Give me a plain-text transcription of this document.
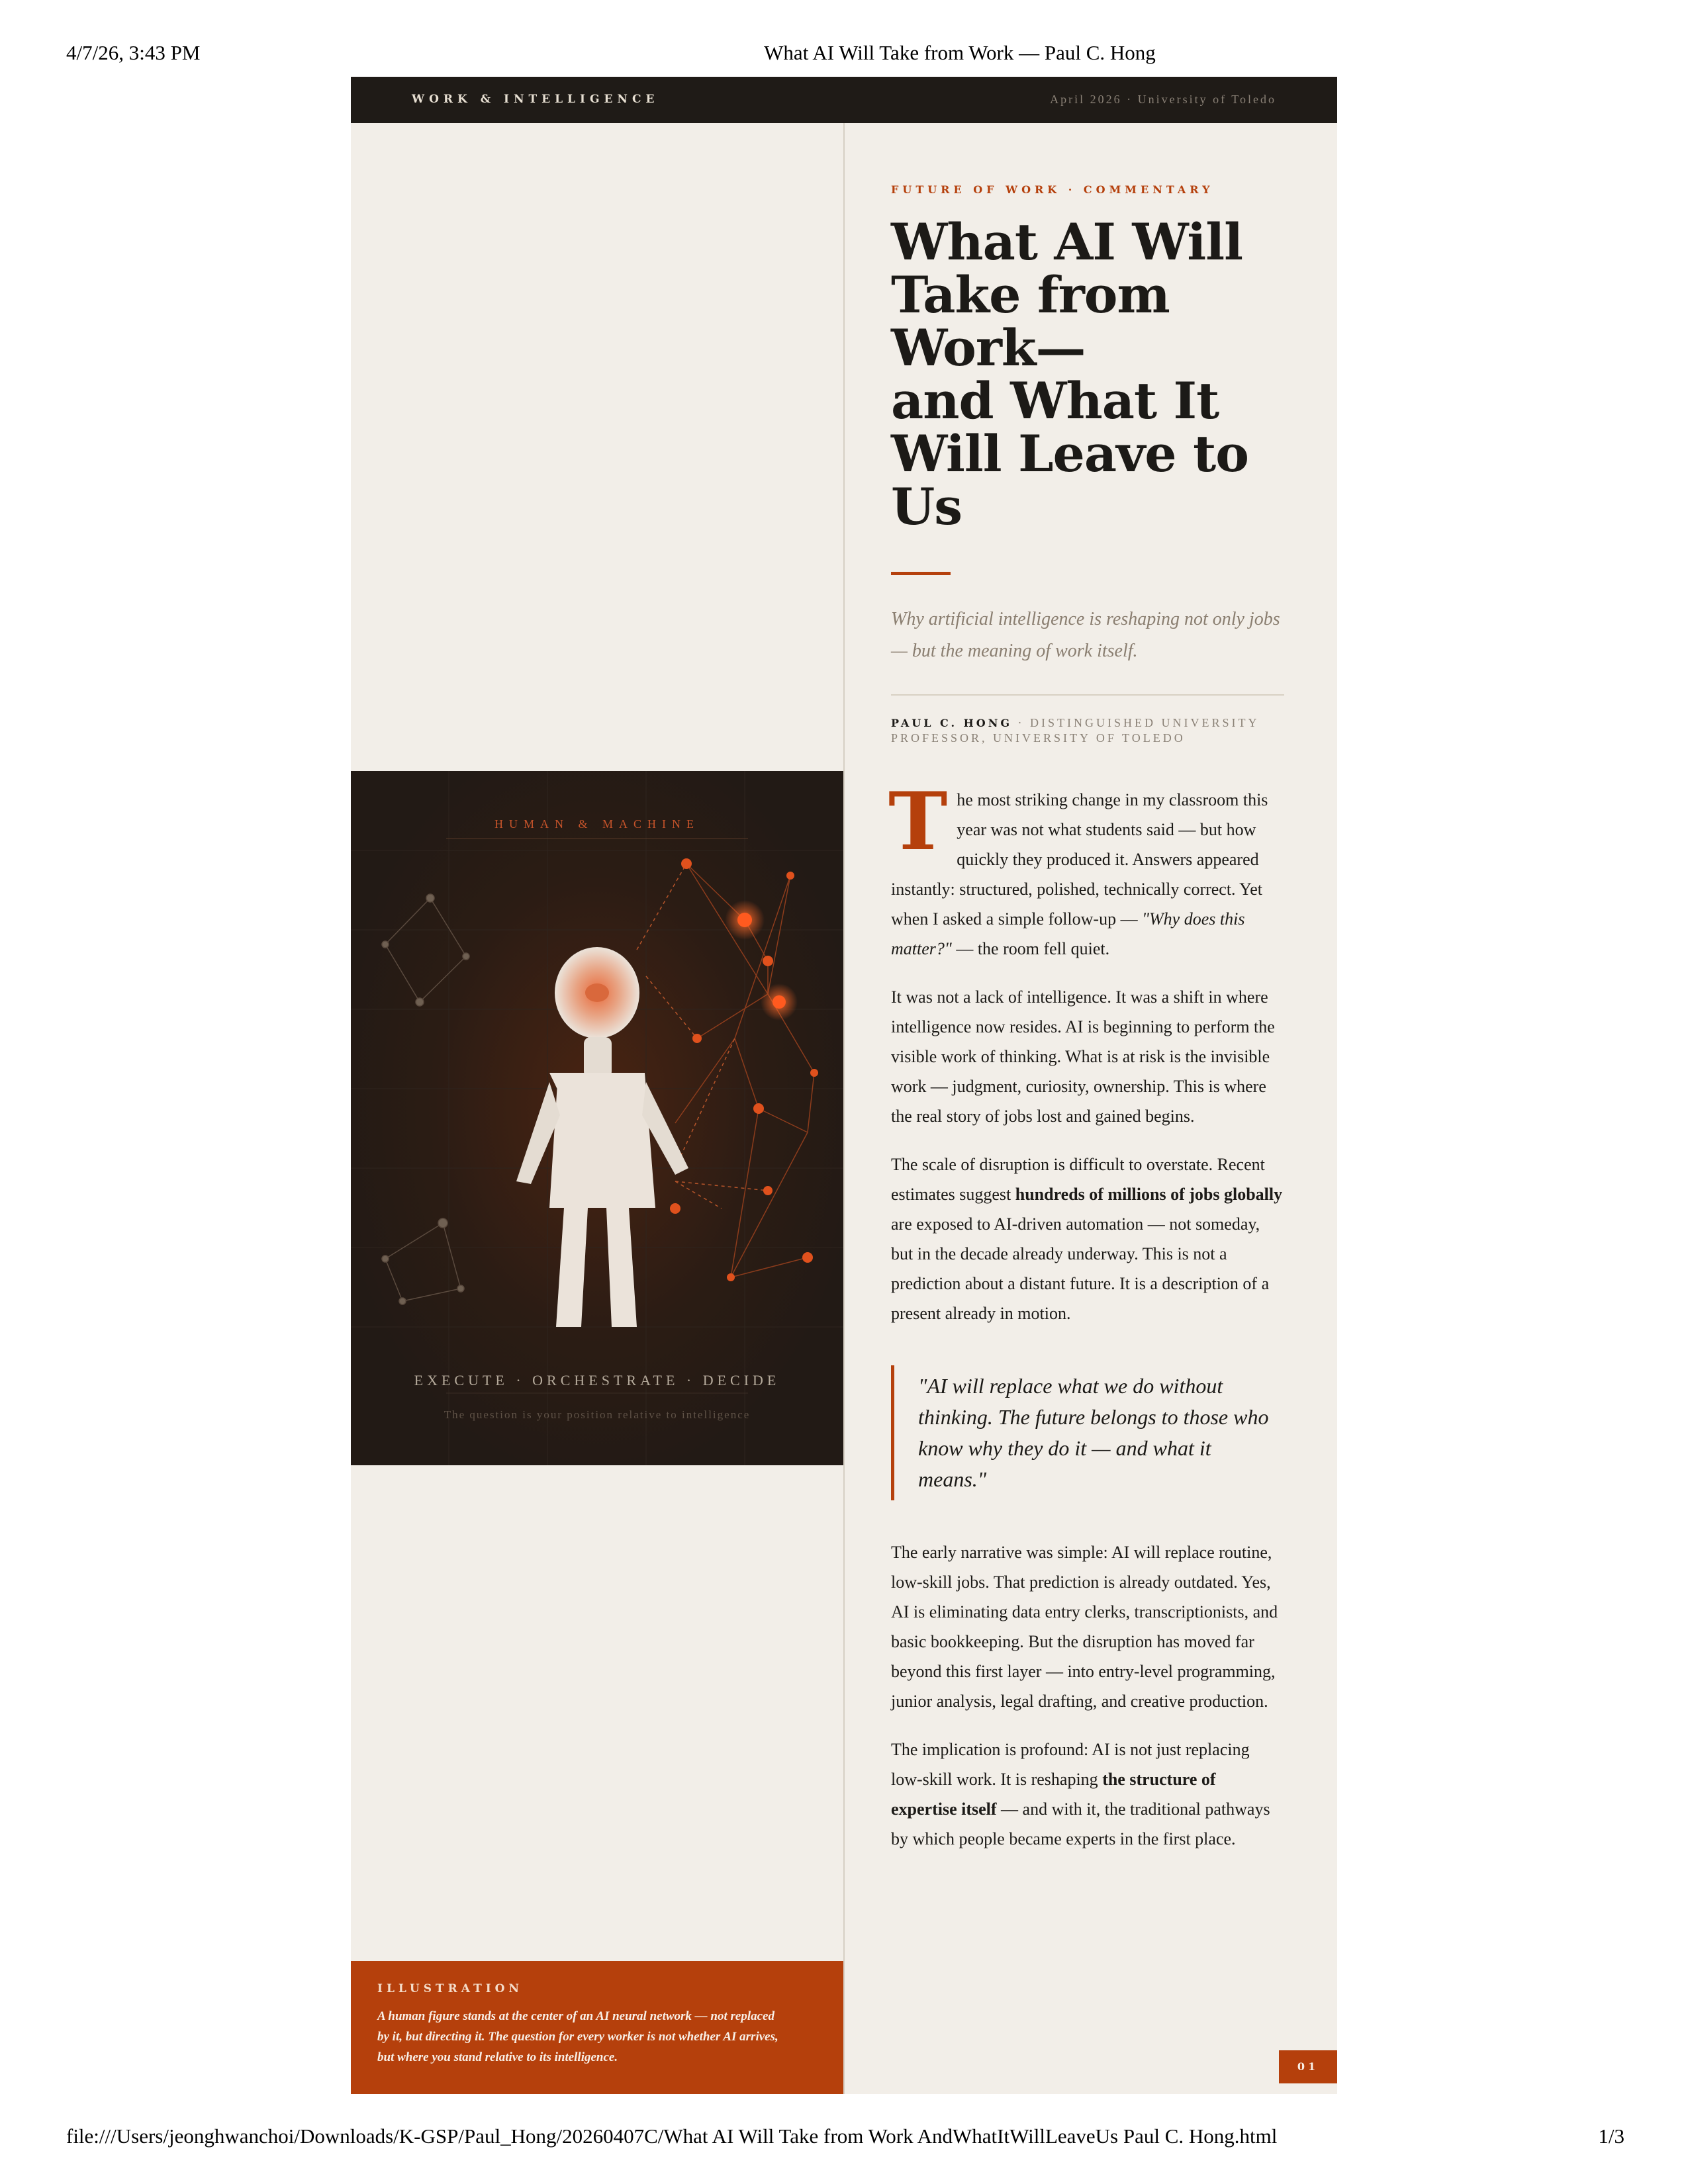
4/7/26, 3:43 PM	What AI Will Take from Work — Paul C. Hong
WORK & INTELLIGENCE	April 2026 · University of Toledo
HUMAN & MACHINE
EXECUTE · ORCHESTRATE · DECIDE
The question is your position relative to intelligence
ILLUSTRATION
A human figure stands at the center of an AI neural network — not replaced by it, but directing it. The question for every worker is not whether AI arrives, but where you stand relative to its intelligence.
FUTURE OF WORK · COMMENTARY
What AI Will
Take from
Work—
and What It
Will Leave to
Us

Why artificial intelligence is reshaping not only jobs — but the meaning of work itself.

PAUL C. HONG · DISTINGUISHED UNIVERSITY PROFESSOR, UNIVERSITY OF TOLEDO

The most striking change in my classroom this year was not what students said — but how quickly they produced it. Answers appeared instantly: structured, polished, technically correct. Yet when I asked a simple follow-up — "Why does this matter?" — the room fell quiet.

It was not a lack of intelligence. It was a shift in where intelligence now resides. AI is beginning to perform the visible work of thinking. What is at risk is the invisible work — judgment, curiosity, ownership. This is where the real story of jobs lost and gained begins.

The scale of disruption is difficult to overstate. Recent estimates suggest hundreds of millions of jobs globally are exposed to AI-driven automation — not someday, but in the decade already underway. This is not a prediction about a distant future. It is a description of a present already in motion.

"AI will replace what we do without thinking. The future belongs to those who know why they do it — and what it means."

The early narrative was simple: AI will replace routine, low-skill jobs. That prediction is already outdated. Yes, AI is eliminating data entry clerks, transcriptionists, and basic bookkeeping. But the disruption has moved far beyond this first layer — into entry-level programming, junior analysis, legal drafting, and creative production.

The implication is profound: AI is not just replacing low-skill work. It is reshaping the structure of expertise itself — and with it, the traditional pathways by which people became experts in the first place.

01
file:///Users/jeonghwanchoi/Downloads/K-GSP/Paul_Hong/20260407C/What AI Will Take from Work AndWhatItWillLeaveUs Paul C. Hong.html	1/3
